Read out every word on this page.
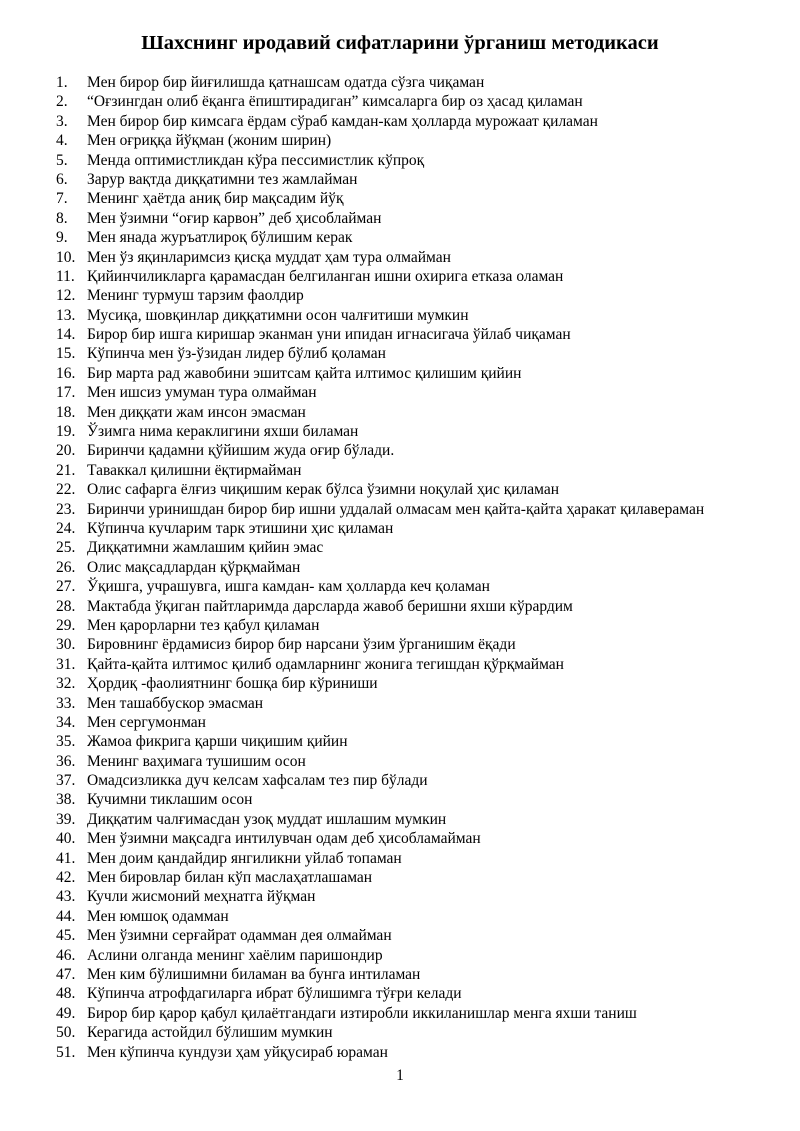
Шахснинг иродавий сифатларини ўрганиш методикаси
1. Мен бирор бир йиғилишда қатнашсам одатда сўзга чиқаман
2. “Оғзингдан олиб ёқанга ёпиштирадиган” кимсаларга бир оз ҳасад қиламан
3. Мен бирор бир кимсага ёрдам сўраб камдан-кам ҳолларда мурожаат қиламан
4. Мен оғриққа йўқман (жоним ширин)
5. Менда оптимистликдан кўра пессимистлик кўпроқ
6. Зарур вақтда диққатимни тез жамлайман
7. Менинг ҳаётда аниқ бир мақсадим йўқ
8. Мен ўзимни “оғир карвон” деб ҳисоблайман
9. Мен янада журъатлироқ бўлишим керак
10. Мен ўз яқинларимсиз қисқа муддат ҳам тура олмайман
11. Қийинчиликларга қарамасдан белгиланган ишни охирига етказа оламан
12. Менинг турмуш тарзим фаолдир
13. Мусиқа, шовқинлар диққатимни осон чалғитиши мумкин
14. Бирор бир ишга киришар эканман уни ипидан игнасигача ўйлаб чиқаман
15. Кўпинча мен ўз-ўзидан лидер бўлиб қоламан
16. Бир марта рад жавобини эшитсам қайта илтимос қилишим қийин
17. Мен ишсиз умуман тура олмайман
18. Мен диққати жам инсон эмасман
19. Ўзимга нима кераклигини яхши биламан
20. Биринчи қадамни қўйишим жуда оғир бўлади.
21. Таваккал қилишни ёқтирмайман
22. Олис сафарга ёлғиз чиқишим керак бўлса ўзимни ноқулай ҳис қиламан
23. Биринчи уринишдан бирор бир ишни уддалай олмасам мен қайта-қайта ҳаракат қилавераман
24. Кўпинча кучларим тарк этишини ҳис қиламан
25. Диққатимни жамлашим қийин эмас
26. Олис мақсадлардан қўрқмайман
27. Ўқишга, учрашувга, ишга камдан- кам ҳолларда кеч қоламан
28. Мактабда ўқиган пайтларимда дарсларда жавоб беришни яхши кўрардим
29. Мен қарорларни тез қабул қиламан
30. Бировнинг ёрдамисиз бирор бир нарсани ўзим ўрганишим ёқади
31. Қайта-қайта илтимос қилиб одамларнинг жонига тегишдан қўрқмайман
32. Ҳордиқ -фаолиятнинг бошқа бир кўриниши
33. Мен ташаббускор эмасман
34. Мен сергумонман
35. Жамоа фикрига қарши чиқишим қийин
36. Менинг ваҳимага тушишим осон
37. Омадсизликка дуч келсам хафсалам тез пир бўлади
38. Кучимни тиклашим осон
39. Диққатим чалғимасдан узоқ муддат ишлашим мумкин
40. Мен ўзимни мақсадга интилувчан одам деб ҳисобламайман
41. Мен доим қандайдир янгиликни уйлаб топаман
42. Мен бировлар билан кўп маслаҳатлашаман
43. Кучли жисмоний меҳнатга йўқман
44. Мен юмшоқ одамман
45. Мен ўзимни серғайрат одамман дея олмайман
46. Аслини олганда менинг хаёлим паришондир
47. Мен ким бўлишимни биламан ва бунга интиламан
48. Кўпинча атрофдагиларга ибрат бўлишимга тўғри келади
49. Бирор бир қарор қабул қилаётгандаги изтиробли иккиланишлар менга яхши таниш
50. Керагида астойдил бўлишим мумкин
51. Мен кўпинча кундузи ҳам уйқусираб юраман
1
